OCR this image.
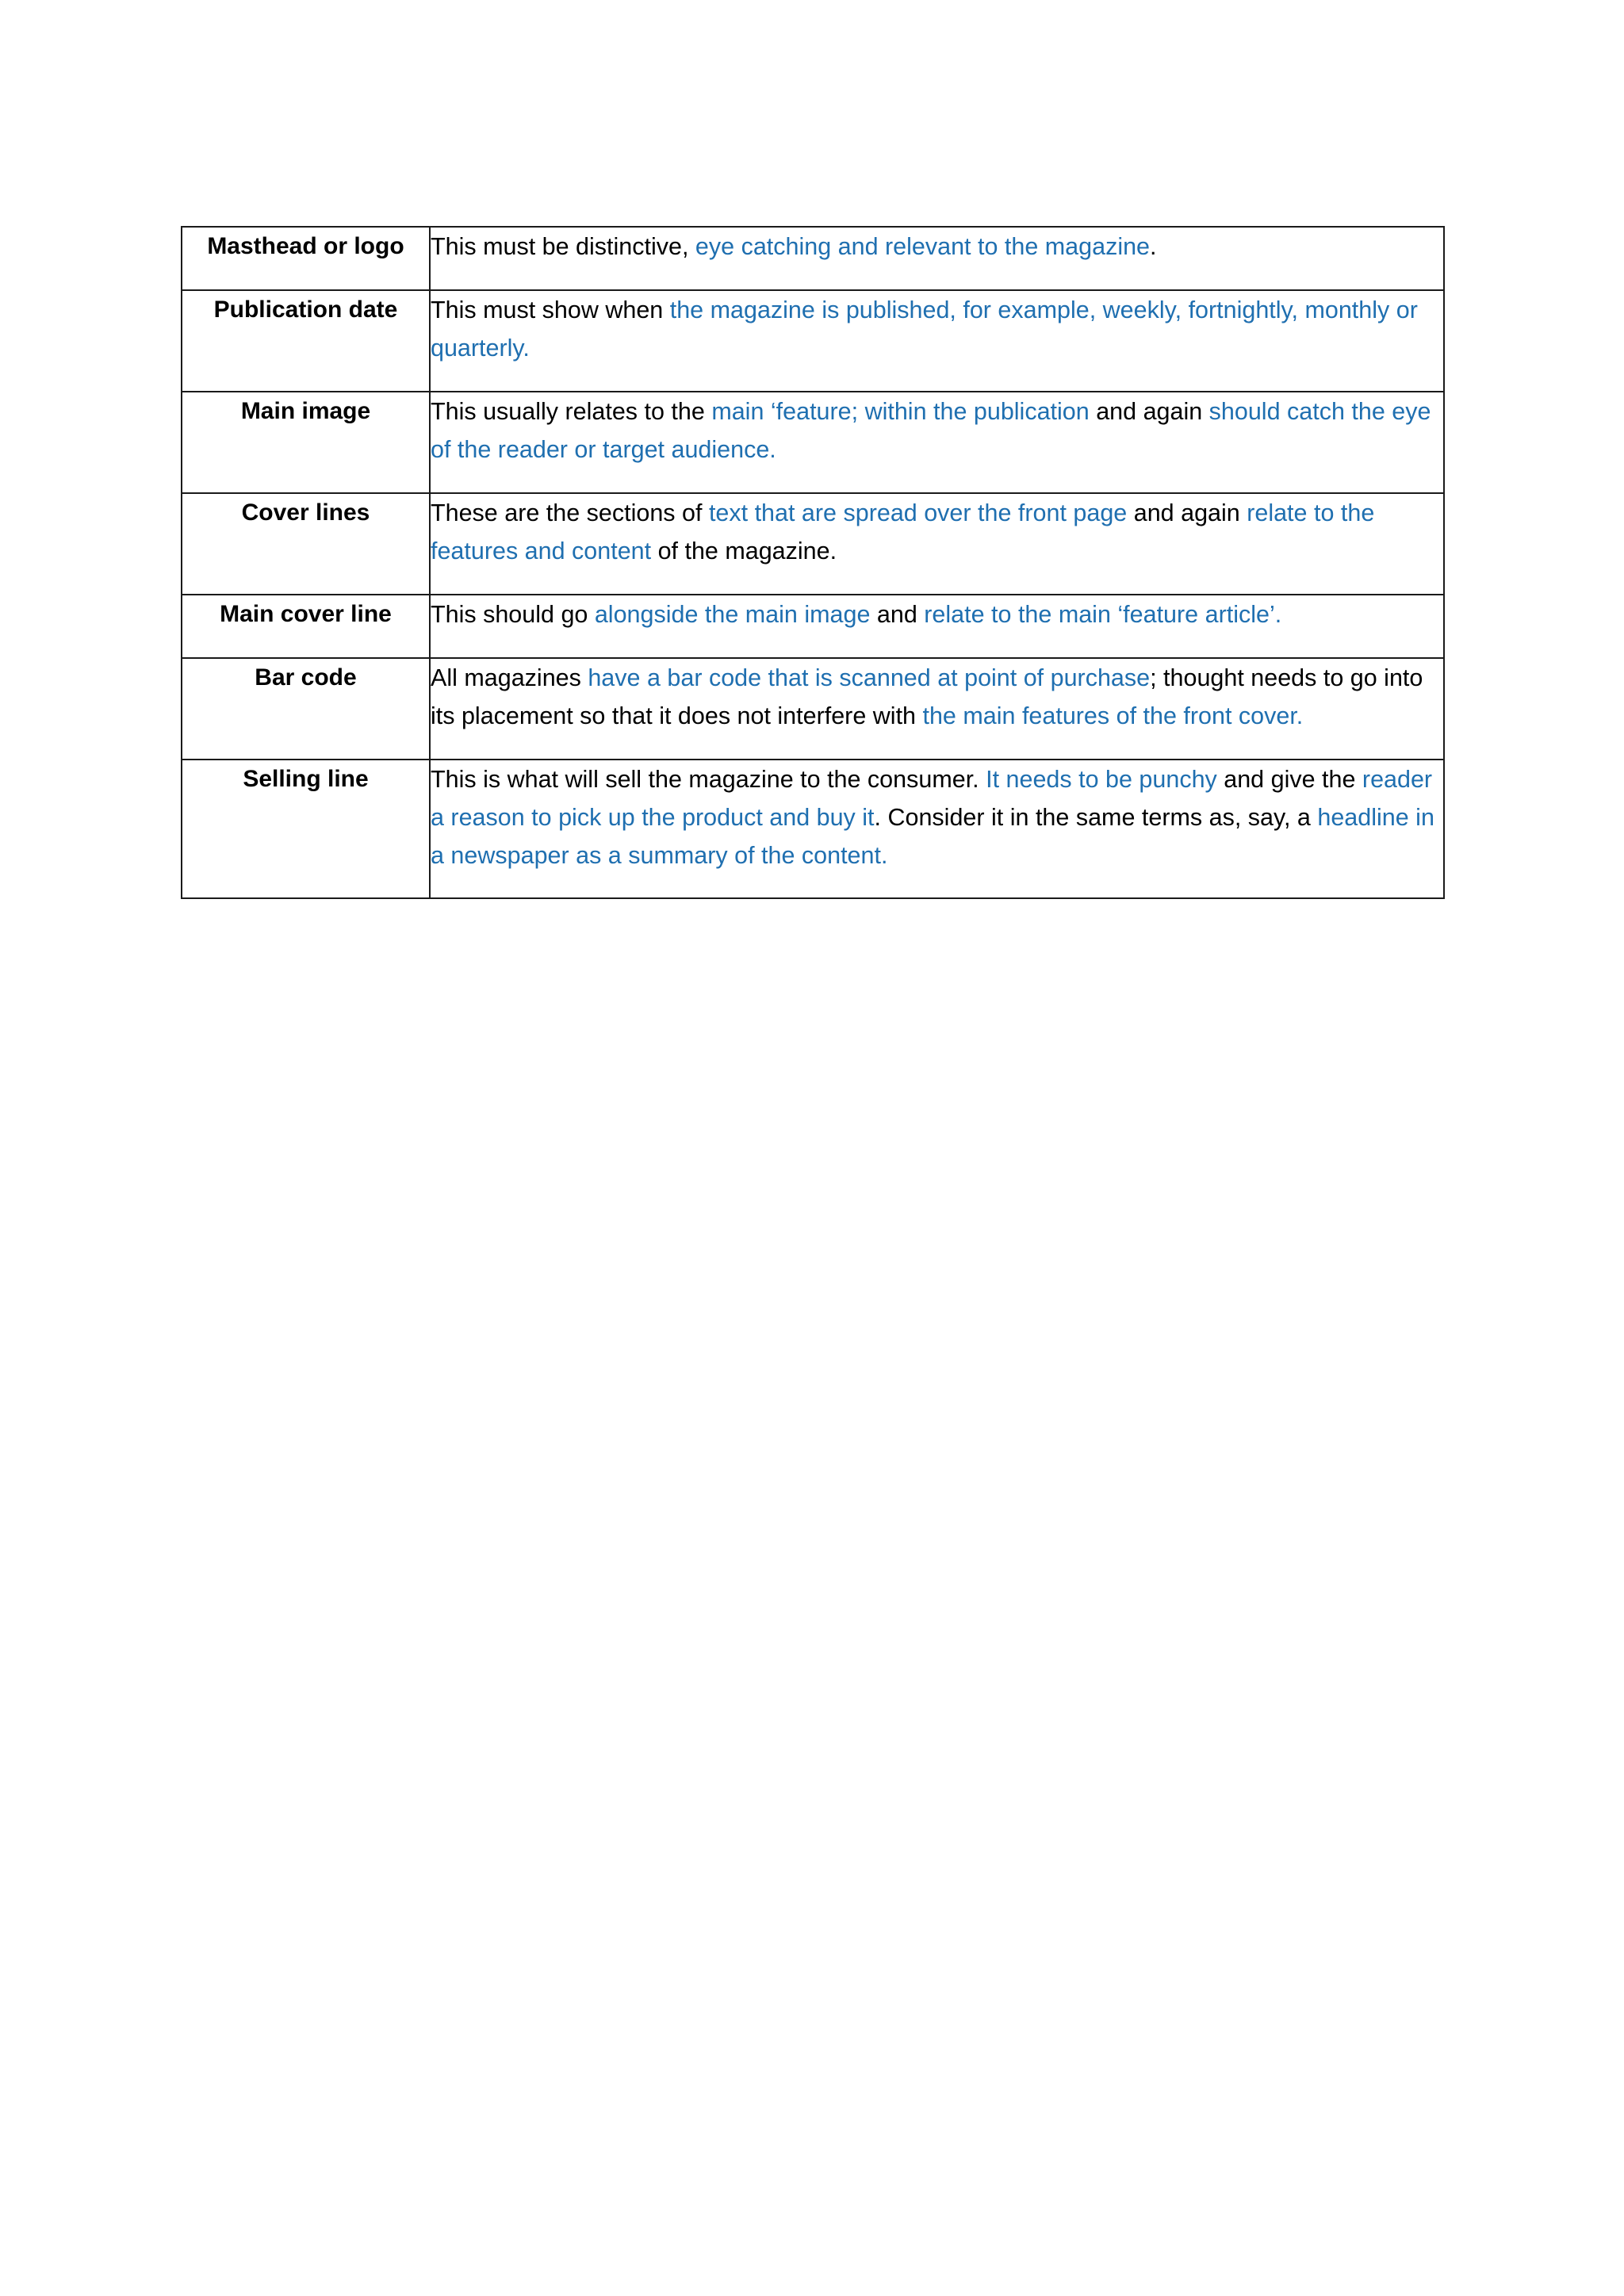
Masthead or logo	This must be distinctive, eye catching and relevant to the magazine.
Publication date	This must show when the magazine is published, for example, weekly, fortnightly, monthly or quarterly.
Main image	This usually relates to the main ‘feature; within the publication and again should catch the eye of the reader or target audience.
Cover lines	These are the sections of text that are spread over the front page and again relate to the features and content of the magazine.
Main cover line	This should go alongside the main image and relate to the main ‘feature article’.
Bar code	All magazines have a bar code that is scanned at point of purchase; thought needs to go into its placement so that it does not interfere with the main features of the front cover.
Selling line	This is what will sell the magazine to the consumer. It needs to be punchy and give the reader a reason to pick up the product and buy it. Consider it in the same terms as, say, a headline in a newspaper as a summary of the content.
